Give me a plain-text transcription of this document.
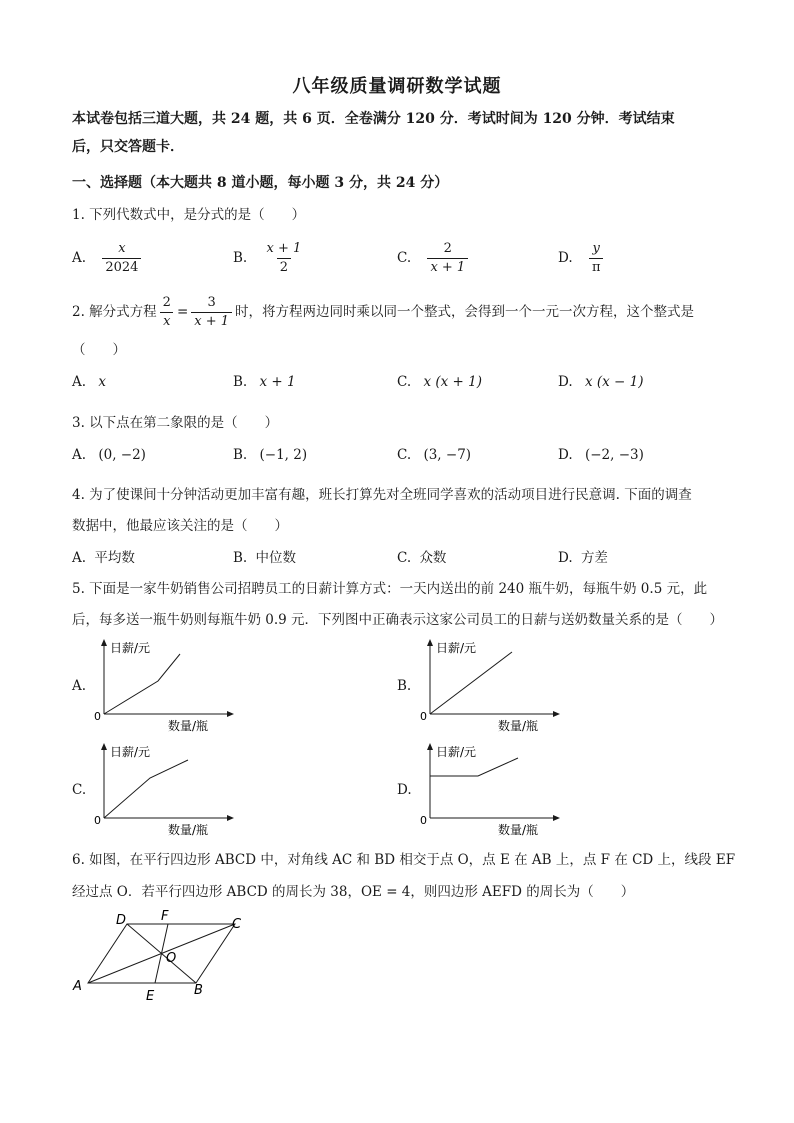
八年级质量调研数学试题
本试卷包括三道大题，共 24 题，共 6 页．全卷满分 120 分．考试时间为 120 分钟．考试结束
后，只交答题卡．
一、选择题（本大题共 8 道小题，每小题 3 分，共 24 分）
1. 下列代数式中，是分式的是（　　）
A. $\frac{x}{2024}$	B. $\frac{x + 1}{2}$	C. $\frac{2}{x + 1}$	D. $\frac{y}{\pi}$
2. 解分式方程 $\frac{2}{x} = \frac{3}{x + 1}$ 时，将方程两边同时乘以同一个整式，会得到一个一元一次方程，这个整式是
（　　）
A. x	B. x + 1	C. x (x + 1)	D. x (x − 1)
3. 以下点在第二象限的是（　　）
A. (0, −2)	B. (−1, 2)	C. (3, −7)	D. (−2, −3)
4. 为了使课间十分钟活动更加丰富有趣，班长打算先对全班同学喜欢的活动项目进行民意调. 下面的调查
数据中，他最应该关注的是（　　）
A. 平均数	B. 中位数	C. 众数	D. 方差
5. 下面是一家牛奶销售公司招聘员工的日薪计算方式：一天内送出的前 240 瓶牛奶，每瓶牛奶 0.5 元，此
后，每多送一瓶牛奶则每瓶牛奶 0.9 元．下列图中正确表示这家公司员工的日薪与送奶数量关系的是（　　）
A.	B.
C.	D.
日薪/元
数量/瓶
0
日薪/元
数量/瓶
0
日薪/元
数量/瓶
0
日薪/元
数量/瓶
0
6. 如图，在平行四边形 ABCD 中，对角线 AC 和 BD 相交于点 O，点 E 在 AB 上，点 F 在 CD 上，线段 EF
经过点 O．若平行四边形 ABCD 的周长为 38，OE = 4，则四边形 AEFD 的周长为（　　）
A	B
C
D
E
F
O
